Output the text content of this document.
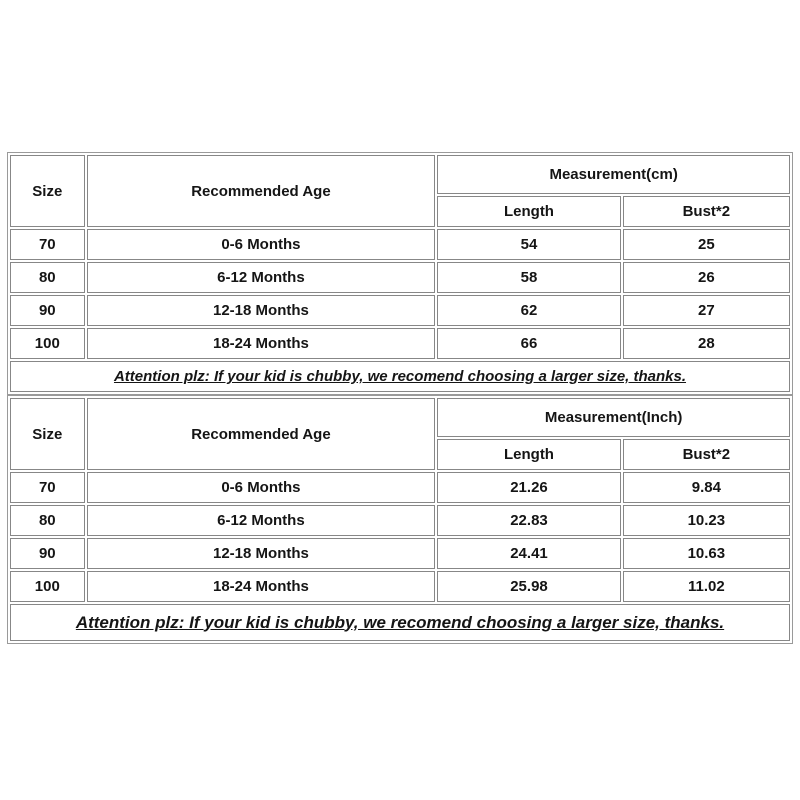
Size	Recommended Age	Measurement(cm)	
		Length	Bust*2
70	0-6 Months	54	25
80	6-12 Months	58	26
90	12-18 Months	62	27
100	18-24 Months	66	28
Attention plz: If your kid is chubby, we recomend choosing a larger size, thanks.			
Size	Recommended Age	Measurement(Inch)	
		Length	Bust*2
70	0-6 Months	21.26	9.84
80	6-12 Months	22.83	10.23
90	12-18 Months	24.41	10.63
100	18-24 Months	25.98	11.02
Attention plz: If your kid is chubby, we recomend choosing a larger size, thanks.			
